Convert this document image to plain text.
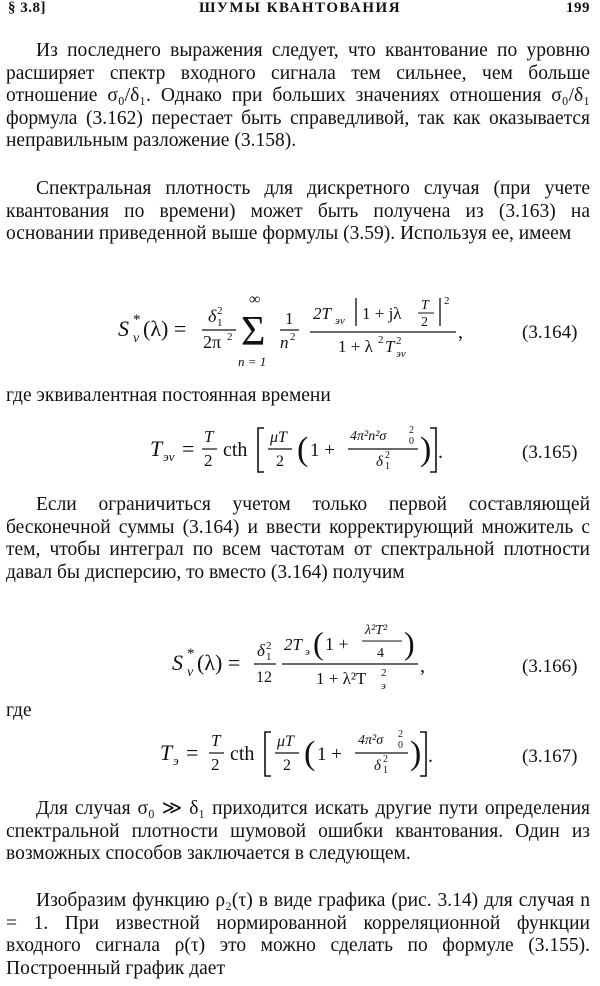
§ 3.8]	ШУМЫ КВАНТОВАНИЯ	199

Из последнего выражения следует, что квантование по уровню расширяет спектр входного сигнала тем сильнее, чем больше отношение σ₀/δ₁. Однако при больших значениях отношения σ₀/δ₁ формула (3.162) перестает быть справедливой, так как оказывается неправильным разложение (3.158).

Спектральная плотность для дискретного случая (при учете квантования по времени) может быть получена из (3.163) на основании приведенной выше формулы (3.59). Используя ее, имеем

S *
v (λ) = δ 1
2
2π 2
∞
Σ
n = 1
1
n 2
2T эv 1 + jλ T
2
2
1 + λ 2 T эv
2	,	(3.164)

где эквивалентная постоянная времени

T эv = T
2 cth
μT
2 ( 1 +
4π²n²σ 0
2
δ 1
2 ) .	(3.165)

Если ограничиться учетом только первой составляющей бесконечной суммы (3.164) и ввести корректирующий множитель с тем, чтобы интеграл по всем частотам от спектральной плотности давал бы дисперсию, то вместо (3.164) получим

S *
v (λ) = δ 1
2
12
2T э ( 1 +
λ²T²
4 )
1 + λ²T э
2 ,	(3.166)

где

T э = T
2 cth
μT
2 ( 1 +
4π²σ 0
2
δ 1
2 ) .	(3.167)

Для случая σ₀ ≫ δ₁ приходится искать другие пути определения спектральной плотности шумовой ошибки квантования. Один из возможных способов заключается в следующем.

Изобразим функцию ρ₂(τ) в виде графика (рис. 3.14) для случая n = 1. При известной нормированной корреляционной функции входного сигнала ρ(τ) это можно сделать по формуле (3.155). Построенный график дает
